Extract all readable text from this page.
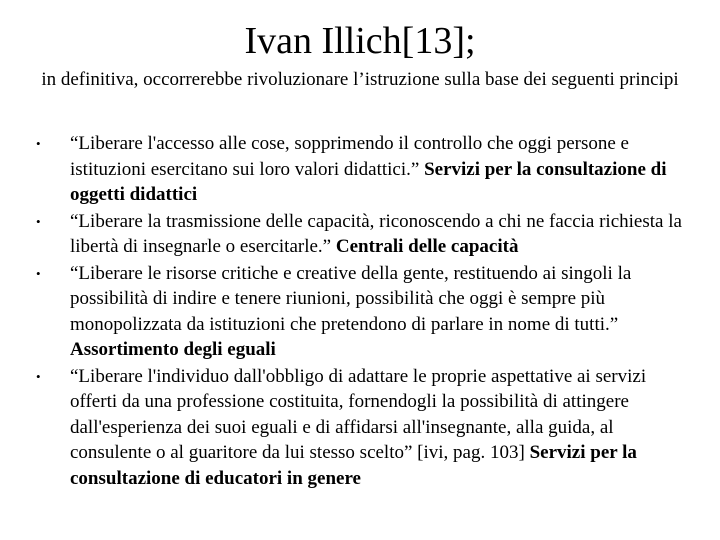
Ivan Illich[13];

in definitiva, occorrerebbe rivoluzionare l’istruzione sulla base dei seguenti principi

•	“Liberare l'accesso alle cose, sopprimendo il controllo che oggi persone e istituzioni esercitano sui loro valori didattici.” Servizi per la consultazione di oggetti didattici
•	“Liberare la trasmissione delle capacità, riconoscendo a chi ne faccia richiesta la libertà di insegnarle o esercitarle.” Centrali delle capacità
•	“Liberare le risorse critiche e creative della gente, restituendo ai singoli la possibilità di indire e tenere riunioni, possibilità che oggi è sempre più monopolizzata da istituzioni che pretendono di parlare in nome di tutti.” Assortimento degli eguali
•	“Liberare l'individuo dall'obbligo di adattare le proprie aspettative ai servizi offerti da una professione costituita, fornendogli la possibilità di attingere dall'esperienza dei suoi eguali e di affidarsi all'insegnante, alla guida, al consulente o al guaritore da lui stesso scelto” [ivi, pag. 103] Servizi per la consultazione di educatori in genere
